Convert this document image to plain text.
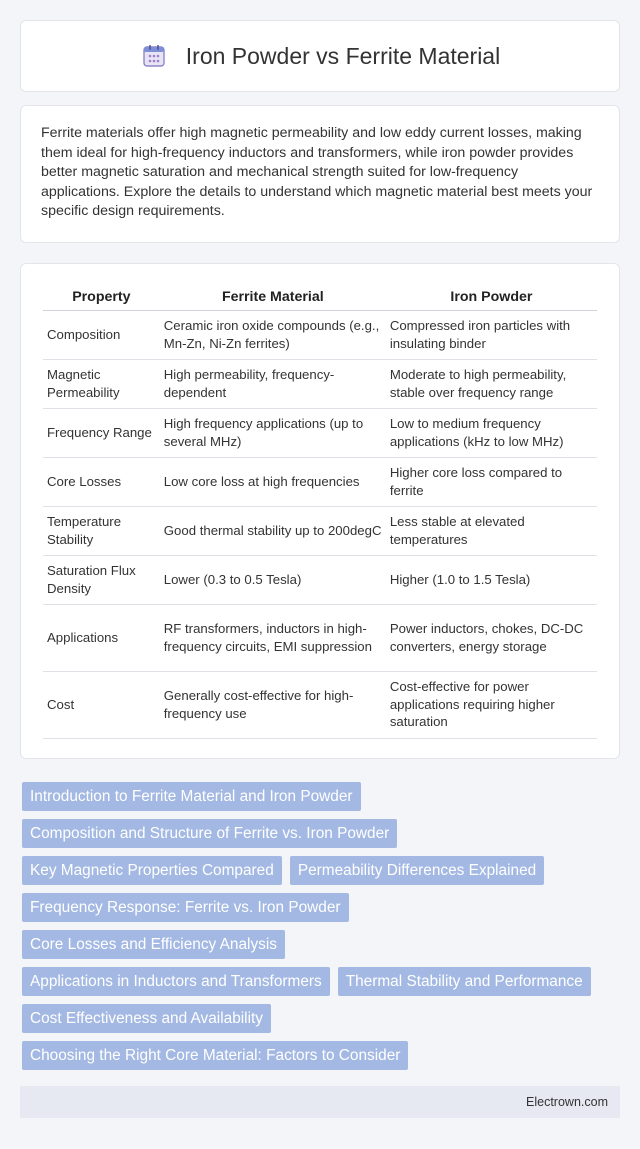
Iron Powder vs Ferrite Material

Ferrite materials offer high magnetic permeability and low eddy current losses, making them ideal for high-frequency inductors and transformers, while iron powder provides better magnetic saturation and mechanical strength suited for low-frequency applications. Explore the details to understand which magnetic material best meets your specific design requirements.

Property	Ferrite Material	Iron Powder
Composition	Ceramic iron oxide compounds (e.g., Mn-Zn, Ni-Zn ferrites)	Compressed iron particles with insulating binder
Magnetic Permeability	High permeability, frequency-dependent	Moderate to high permeability, stable over frequency range
Frequency Range	High frequency applications (up to several MHz)	Low to medium frequency applications (kHz to low MHz)
Core Losses	Low core loss at high frequencies	Higher core loss compared to ferrite
Temperature Stability	Good thermal stability up to 200degC	Less stable at elevated temperatures
Saturation Flux Density	Lower (0.3 to 0.5 Tesla)	Higher (1.0 to 1.5 Tesla)
Applications	RF transformers, inductors in high-frequency circuits, EMI suppression	Power inductors, chokes, DC-DC converters, energy storage
Cost	Generally cost-effective for high-frequency use	Cost-effective for power applications requiring higher saturation
Introduction to Ferrite Material and Iron Powder
Composition and Structure of Ferrite vs. Iron Powder
Key Magnetic Properties Compared	Permeability Differences Explained
Frequency Response: Ferrite vs. Iron Powder
Core Losses and Efficiency Analysis
Applications in Inductors and Transformers	Thermal Stability and Performance
Cost Effectiveness and Availability
Choosing the Right Core Material: Factors to Consider
Electrown.com
